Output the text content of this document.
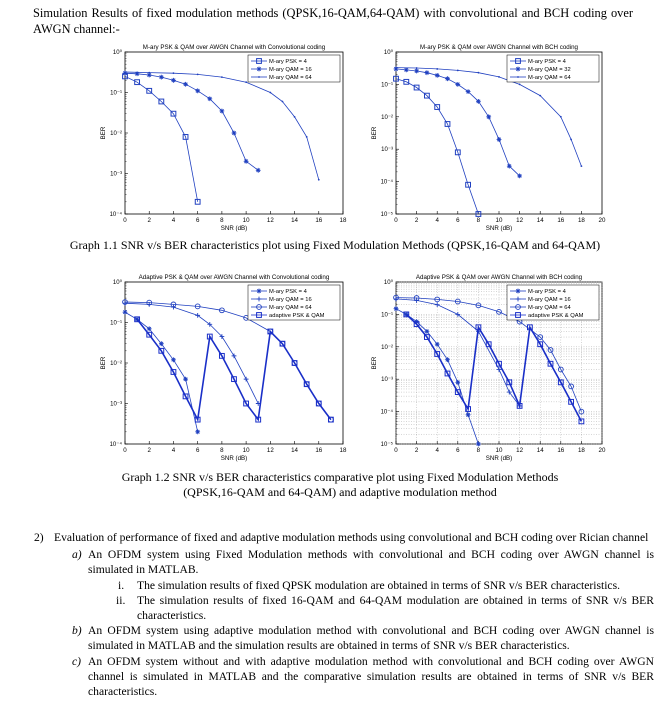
Simulation Results of fixed modulation methods (QPSK,16-QAM,64-QAM) with convolutional and BCH coding over AWGN channel:-
M-ary PSK & QAM over AWGN Channel with Convolutional coding
0	2	4	6	8	10	12	14	16	18
10⁰
10⁻¹
10⁻²
10⁻³
10⁻⁴
SNR (dB)
BER
M-ary PSK = 4
M-ary QAM = 16
M-ary QAM = 64
M-ary PSK & QAM over AWGN Channel with BCH coding
0	2	4	6	8 10 12 14 16 18 20
10⁰
10⁻¹
10⁻²
10⁻³
10⁻⁴
10⁻⁵
SNR (dB)
BER
M-ary PSK = 4
M-ary QAM = 32
M-ary QAM = 64
Graph 1.1 SNR v/s BER characteristics plot using Fixed Modulation Methods (QPSK,16-QAM and 64-QAM)
Adaptive PSK & QAM over AWGN Channel with Convolutional coding
0	2	4	6	8	10	12	14	16	18
10⁰
10⁻¹
10⁻²
10⁻³
10⁻⁴
SNR (dB)
BER
M-ary PSK = 4
M-ary QAM = 16
M-ary QAM = 64
adaptive PSK & QAM
Adaptive PSK & QAM over AWGN Channel with BCH coding
0	2	4	6	8 10 12 14 16 18 20
10⁰
10⁻¹
10⁻²
10⁻³
10⁻⁴
10⁻⁵
SNR (dB)
BER
M-ary PSK = 4
M-ary QAM = 16
M-ary QAM = 64
adaptive PSK & QAM
Graph 1.2 SNR v/s BER characteristics comparative plot using Fixed Modulation Methods
(QPSK,16-QAM and 64-QAM) and adaptive modulation method
2) Evaluation of performance of fixed and adaptive modulation methods using convolutional and BCH coding over Rician channel
a) An OFDM system using Fixed Modulation methods with convolutional and BCH coding over AWGN channel is simulated in MATLAB.
i. The simulation results of fixed QPSK modulation are obtained in terms of SNR v/s BER characteristics.
ii. The simulation results of fixed 16-QAM and 64-QAM modulation are obtained in terms of SNR v/s BER characteristics.
b) An OFDM system using adaptive modulation method with convolutional and BCH coding over AWGN channel is simulated in MATLAB and the simulation results are obtained in terms of SNR v/s BER characteristics.
c) An OFDM system without and with adaptive modulation method with convolutional and BCH coding over AWGN channel is simulated in MATLAB and the comparative simulation results are obtained in terms of SNR v/s BER characteristics.
